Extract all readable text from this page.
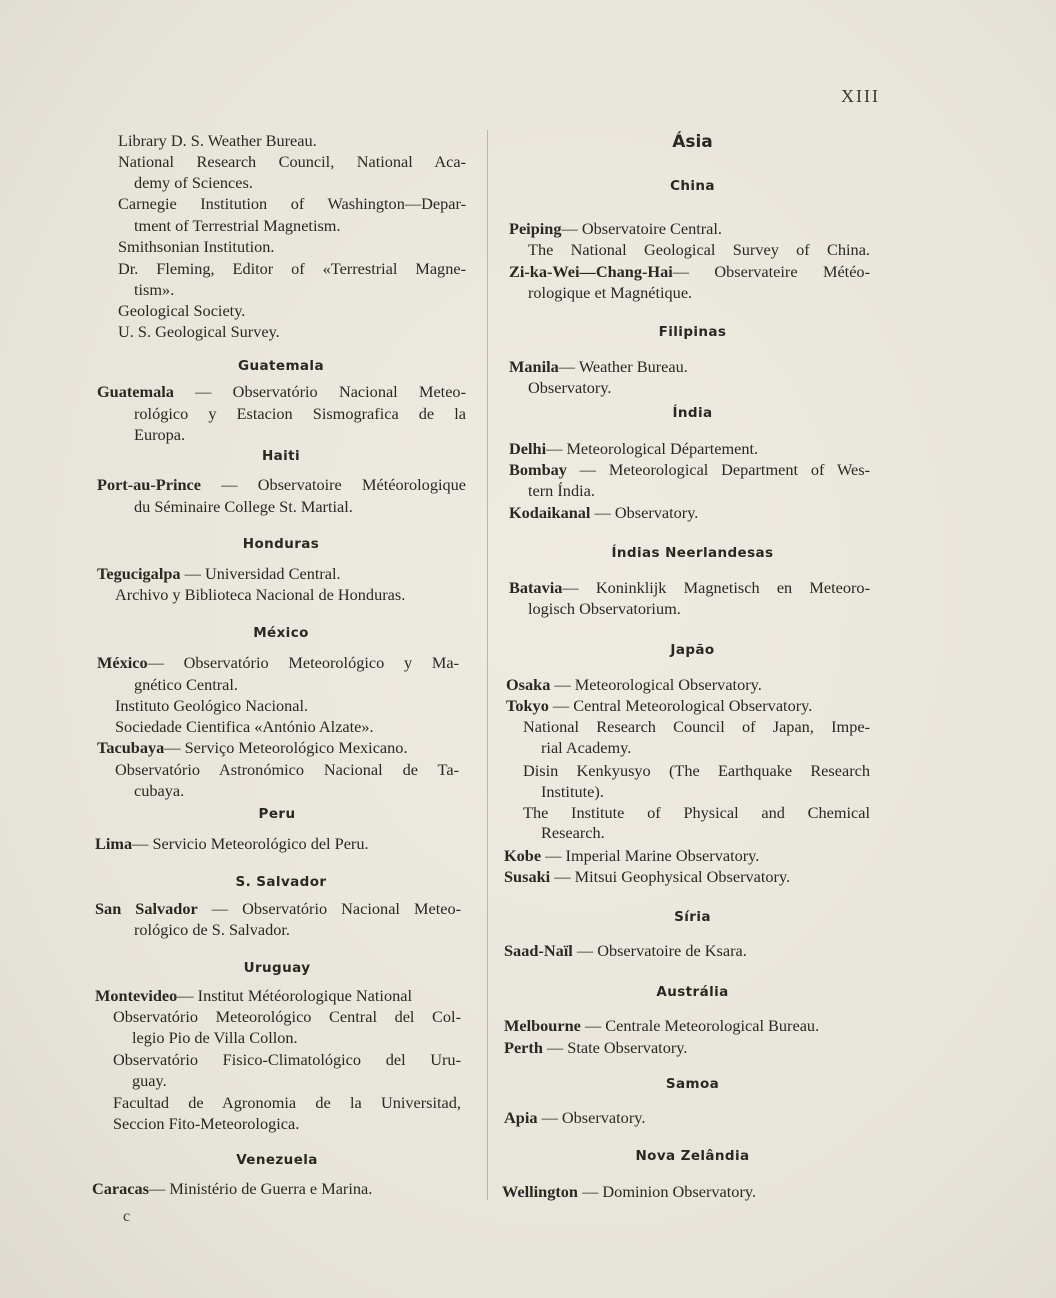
XIII
Library D. S. Weather Bureau.
National Research Council, National Aca-
demy of Sciences.
Carnegie Institution of Washington—Depar-
tment of Terrestrial Magnetism.
Smithsonian Institution.
Dr. Fleming, Editor of «Terrestrial Magne-
tism».
Geological Society.
U. S. Geological Survey.
Guatemala
Guatemala — Observatório Nacional Meteo-
rológico y Estacion Sismografica de la
Europa.
Haiti
Port-au-Prince — Observatoire Météorologique
du Séminaire College St. Martial.
Honduras
Tegucigalpa — Universidad Central.
Archivo y Biblioteca Nacional de Honduras.
México
México— Observatório Meteorológico y Ma-
gnético Central.
Instituto Geológico Nacional.
Sociedade Cientifica «António Alzate».
Tacubaya— Serviço Meteorológico Mexicano.
Observatório Astronómico Nacional de Ta-
cubaya.
Peru
Lima— Servicio Meteorológico del Peru.
S. Salvador
San Salvador — Observatório Nacional Meteo-
rológico de S. Salvador.
Uruguay
Montevideo— Institut Météorologique National
Observatório Meteorológico Central del Col-
legio Pio de Villa Collon.
Observatório Fisico-Climatológico del Uru-
guay.
Facultad de Agronomia de la Universitad,
Seccion Fito-Meteorologica.
Venezuela
Caracas— Ministério de Guerra e Marina.
c
Ásia
China
Peiping— Observatoire Central.
The National Geological Survey of China.
Zi-ka-Wei—Chang-Hai— Observateire Météo-
rologique et Magnétique.
Filipinas
Manila— Weather Bureau.
Observatory.
Índia
Delhi— Meteorological Département.
Bombay — Meteorological Department of Wes-
tern Índia.
Kodaikanal — Observatory.
Índias Neerlandesas
Batavia— Koninklijk Magnetisch en Meteoro-
logisch Observatorium.
Japão
Osaka — Meteorological Observatory.
Tokyo — Central Meteorological Observatory.
National Research Council of Japan, Impe-
rial Academy.
Disin Kenkyusyo (The Earthquake Research
Institute).
The Institute of Physical and Chemical
Research.
Kobe — Imperial Marine Observatory.
Susaki — Mitsui Geophysical Observatory.
Síria
Saad-Naïl — Observatoire de Ksara.
Austrália
Melbourne — Centrale Meteorological Bureau.
Perth — State Observatory.
Samoa
Apia — Observatory.
Nova Zelândia
Wellington — Dominion Observatory.
